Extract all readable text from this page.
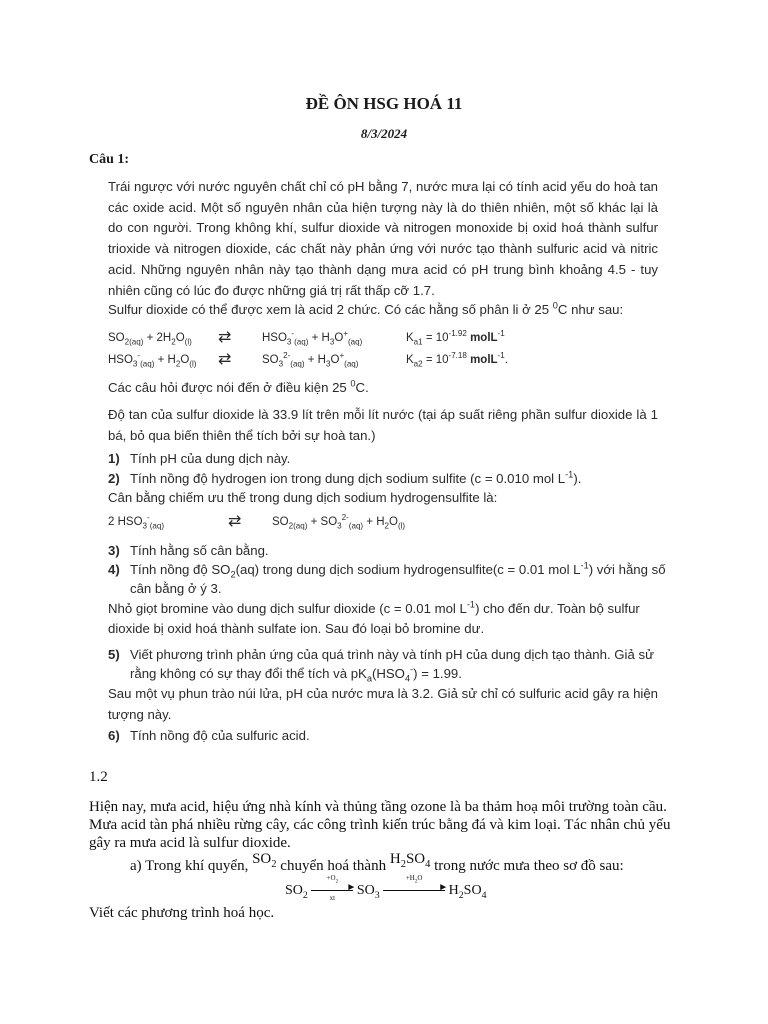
ĐỀ ÔN HSG HOÁ 11
8/3/2024
Câu 1:
Trái ngược với nước nguyên chất chỉ có pH bằng 7, nước mưa lại có tính acid yếu do hoà tan các oxide acid. Một số nguyên nhân của hiện tượng này là do thiên nhiên, một số khác lại là do con người. Trong không khí, sulfur dioxide và nitrogen monoxide bị oxid hoá thành sulfur trioxide và nitrogen dioxide, các chất này phản ứng với nước tạo thành sulfuric acid và nitric acid. Những nguyên nhân này tạo thành dạng mưa acid có pH trung bình khoảng 4.5 - tuy nhiên cũng có lúc đo được những giá trị rất thấp cỡ 1.7.
Sulfur dioxide có thể được xem là acid 2 chức. Có các hằng số phân li ở 25 $^0$C như sau:
$SO_{2(aq)} + 2H_2O_{(l)}$ ⇄	$HSO_3^-_{(aq)} + H_3O^+_{(aq)}$	$K_{a1} = 10^{-1.92}$ molL$^{-1}$
$HSO_3^-_{(aq)} + H_2O_{(l)}$ ⇄	$SO_3^{2-}_{(aq)} + H_3O^+_{(aq)}$	$K_{a2} = 10^{-7.18}$ molL$^{-1}$.
Các câu hỏi được nói đến ở điều kiện 25 $^0$C.
Độ tan của sulfur dioxide là 33.9 lít trên mỗi lít nước (tại áp suất riêng phần sulfur dioxide là 1 bá, bỏ qua biến thiên thể tích bởi sự hoà tan.)
1) Tính pH của dung dịch này.
2) Tính nồng độ hydrogen ion trong dung dịch sodium sulfite (c = 0.010 mol $L^{-1}$).
Cân bằng chiếm ưu thế trong dung dịch sodium hydrogensulfite là:
2 $HSO_3^-_{(aq)}$	⇄	$SO_{2(aq)} + SO_3^{2-}_{(aq)} + H_2O_{(l)}$
3) Tính hằng số cân bằng.
4) Tính nồng độ $SO_2(aq)$ trong dung dịch sodium hydrogensulfite(c = 0.01 mol $L^{-1}$) với hằng số
cân bằng ở ý 3.
Nhỏ giọt bromine vào dung dịch sulfur dioxide (c = 0.01 mol $L^{-1}$) cho đến dư. Toàn bộ sulfur
dioxide bị oxid hoá thành sulfate ion. Sau đó loại bỏ bromine dư.
5) Viết phương trình phản ứng của quá trình này và tính pH của dung dịch tạo thành. Giả sử
rằng không có sự thay đổi thể tích và $pK_a(HSO_4^-) = 1.99$.
Sau một vụ phun trào núi lửa, pH của nước mưa là 3.2. Giả sử chỉ có sulfuric acid gây ra hiện tượng này.
6) Tính nồng độ của sulfuric acid.
1.2
Hiện nay, mưa acid, hiệu ứng nhà kính và thủng tầng ozone là ba thảm hoạ môi trường toàn cầu. Mưa acid tàn phá nhiều rừng cây, các công trình kiến trúc bằng đá và kim loại. Tác nhân chủ yếu gây ra mưa acid là sulfur dioxide.
a) Trong khí quyển, $SO_2$ chuyển hoá thành $H_2SO_4$ trong nước mưa theo sơ đồ sau:
$SO_2$
$+O_2$
►
xt	$SO_3$
$+H_2O$
► $H_2SO_4$
Viết các phương trình hoá học.
